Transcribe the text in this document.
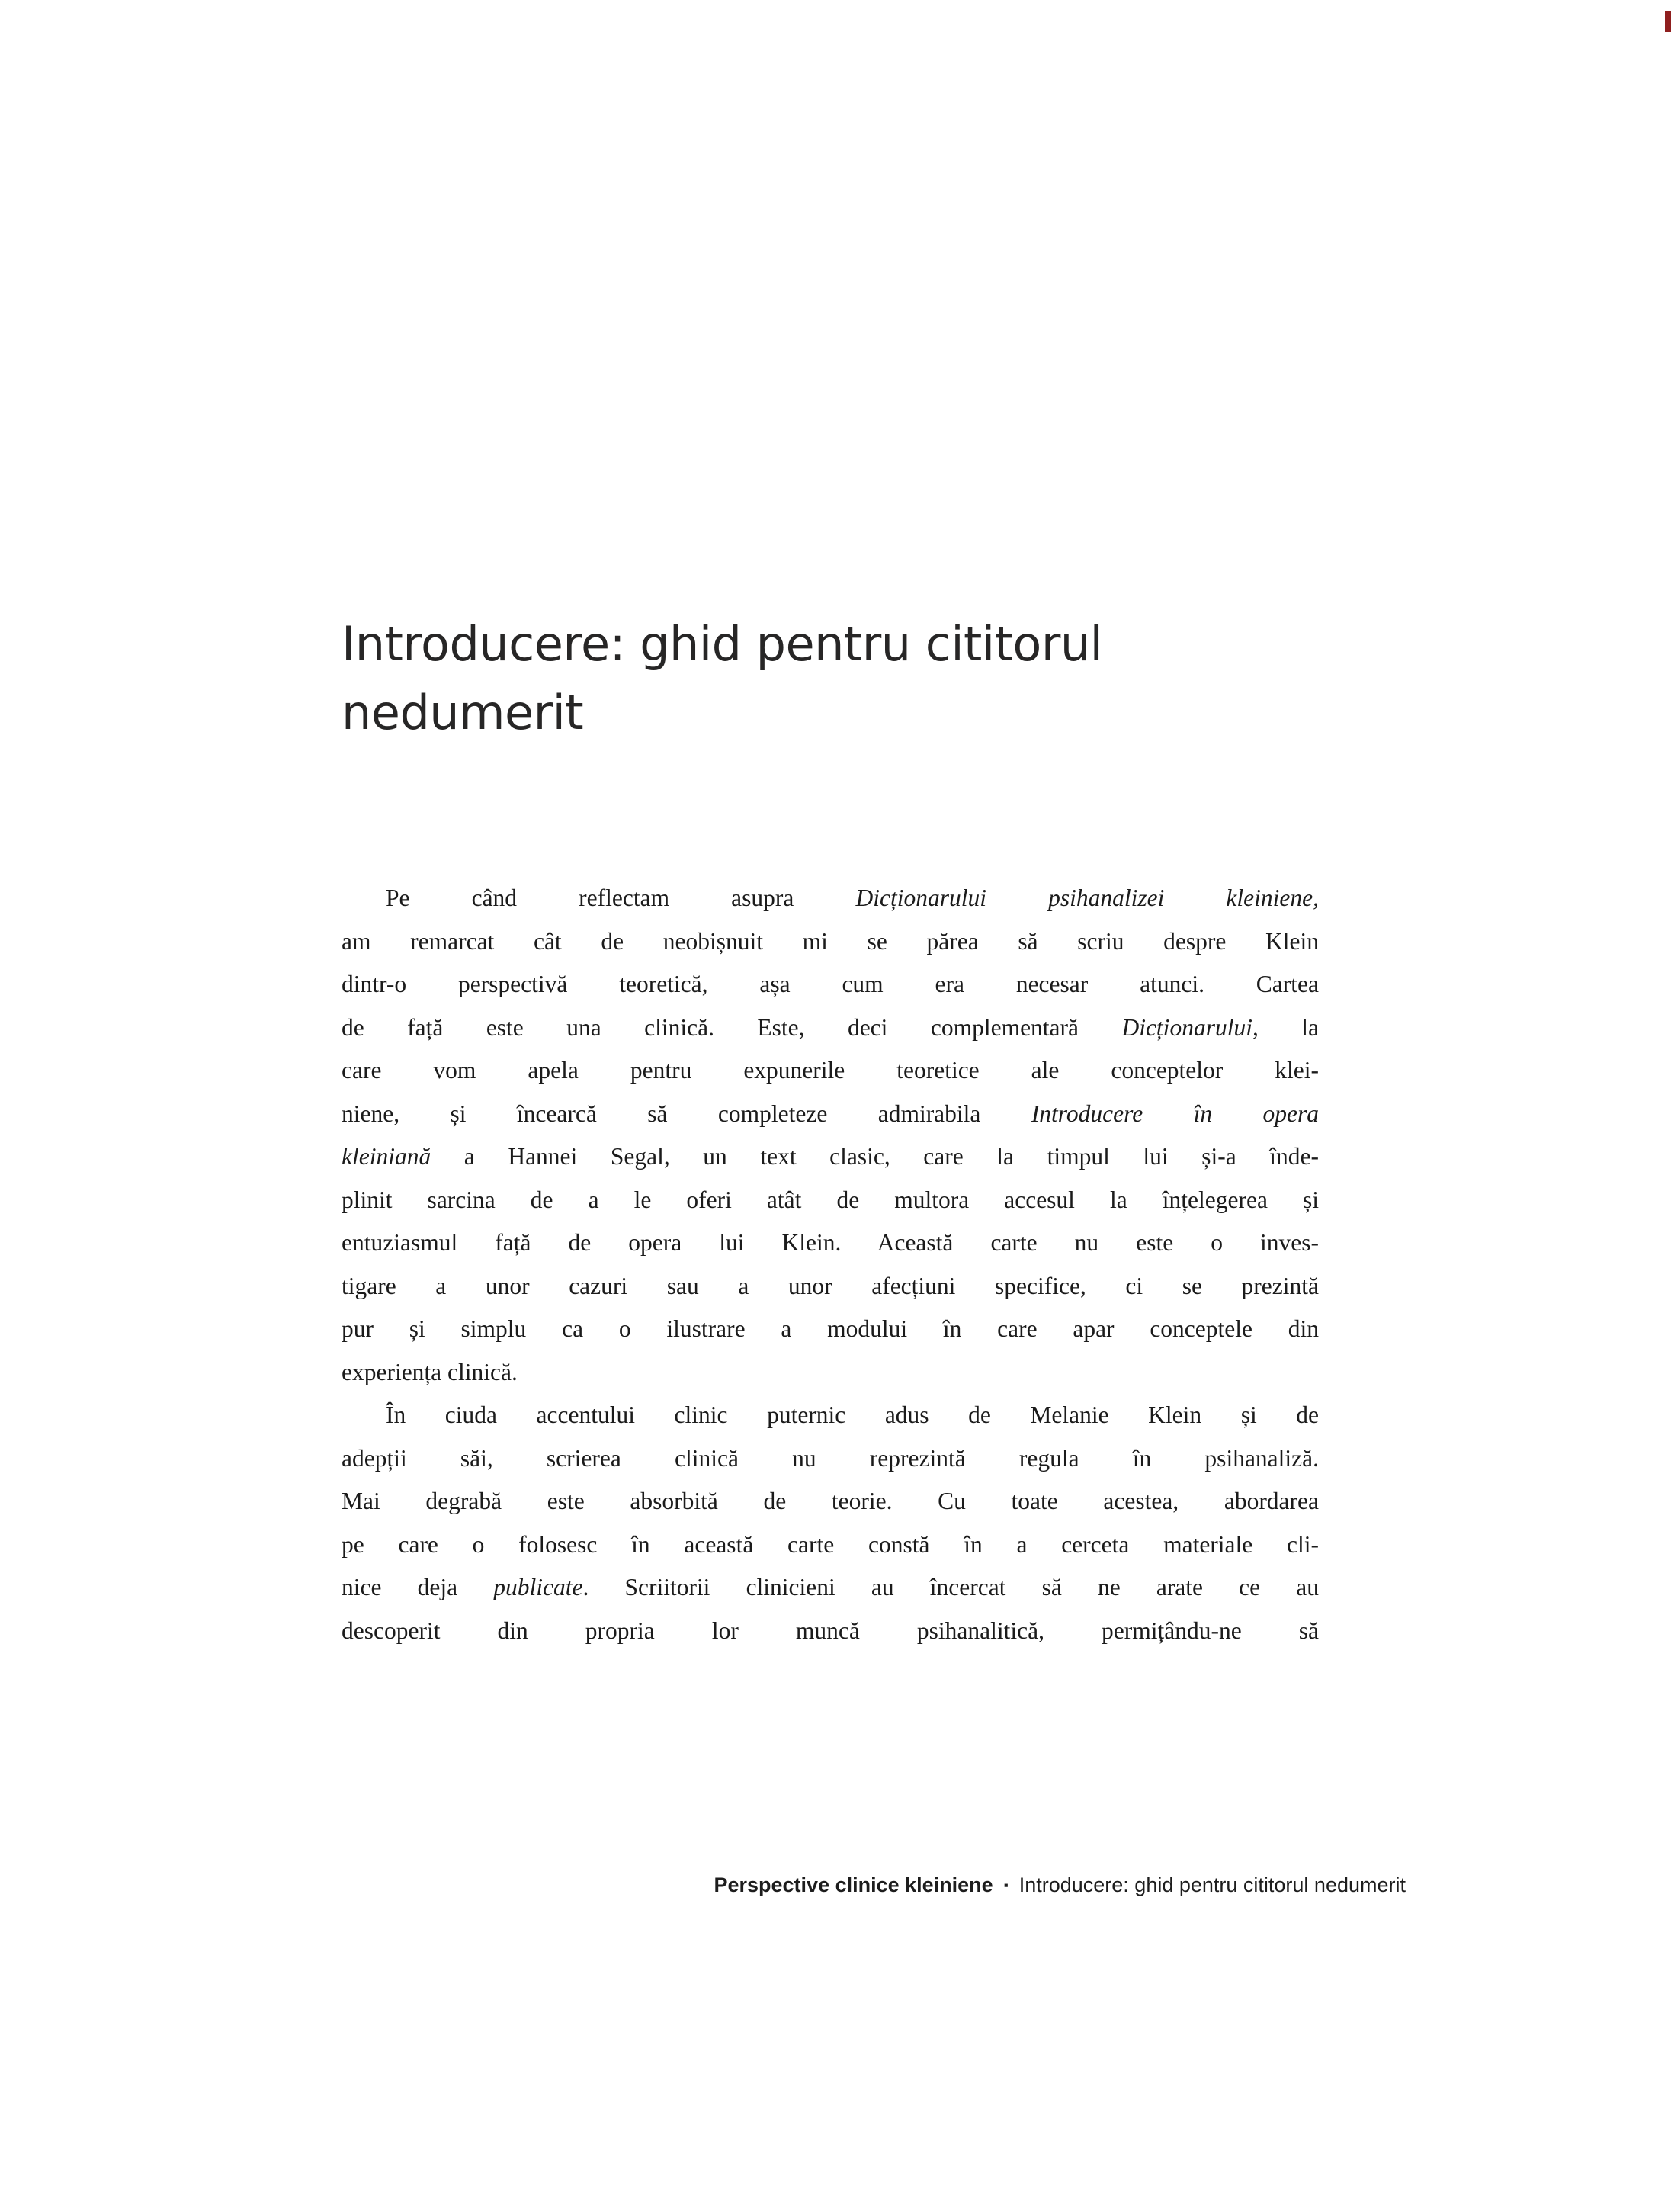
Introducere: ghid pentru cititorul
nedumerit
Pe când reflectam asupra Dicționarului psihanalizei kleiniene,
am remarcat cât de neobișnuit mi se părea să scriu despre Klein
dintr-o perspectivă teoretică, așa cum era necesar atunci. Cartea
de față este una clinică. Este, deci complementară Dicționarului, la
care vom apela pentru expunerile teoretice ale conceptelor klei-
niene, și încearcă să completeze admirabila Introducere în opera
kleiniană a Hannei Segal, un text clasic, care la timpul lui și-a înde-
plinit sarcina de a le oferi atât de multora accesul la înțelegerea și
entuziasmul față de opera lui Klein. Această carte nu este o inves-
tigare a unor cazuri sau a unor afecțiuni specifice, ci se prezintă
pur și simplu ca o ilustrare a modului în care apar conceptele din
experiența clinică.
În ciuda accentului clinic puternic adus de Melanie Klein și de
adepții săi, scrierea clinică nu reprezintă regula în psihanaliză.
Mai degrabă este absorbită de teorie. Cu toate acestea, abordarea
pe care o folosesc în această carte constă în a cerceta materiale cli-
nice deja publicate. Scriitorii clinicieni au încercat să ne arate ce au
descoperit din propria lor muncă psihanalitică, permițându-ne să
Perspective clinice kleiniene ▪ Introducere: ghid pentru cititorul nedumerit
